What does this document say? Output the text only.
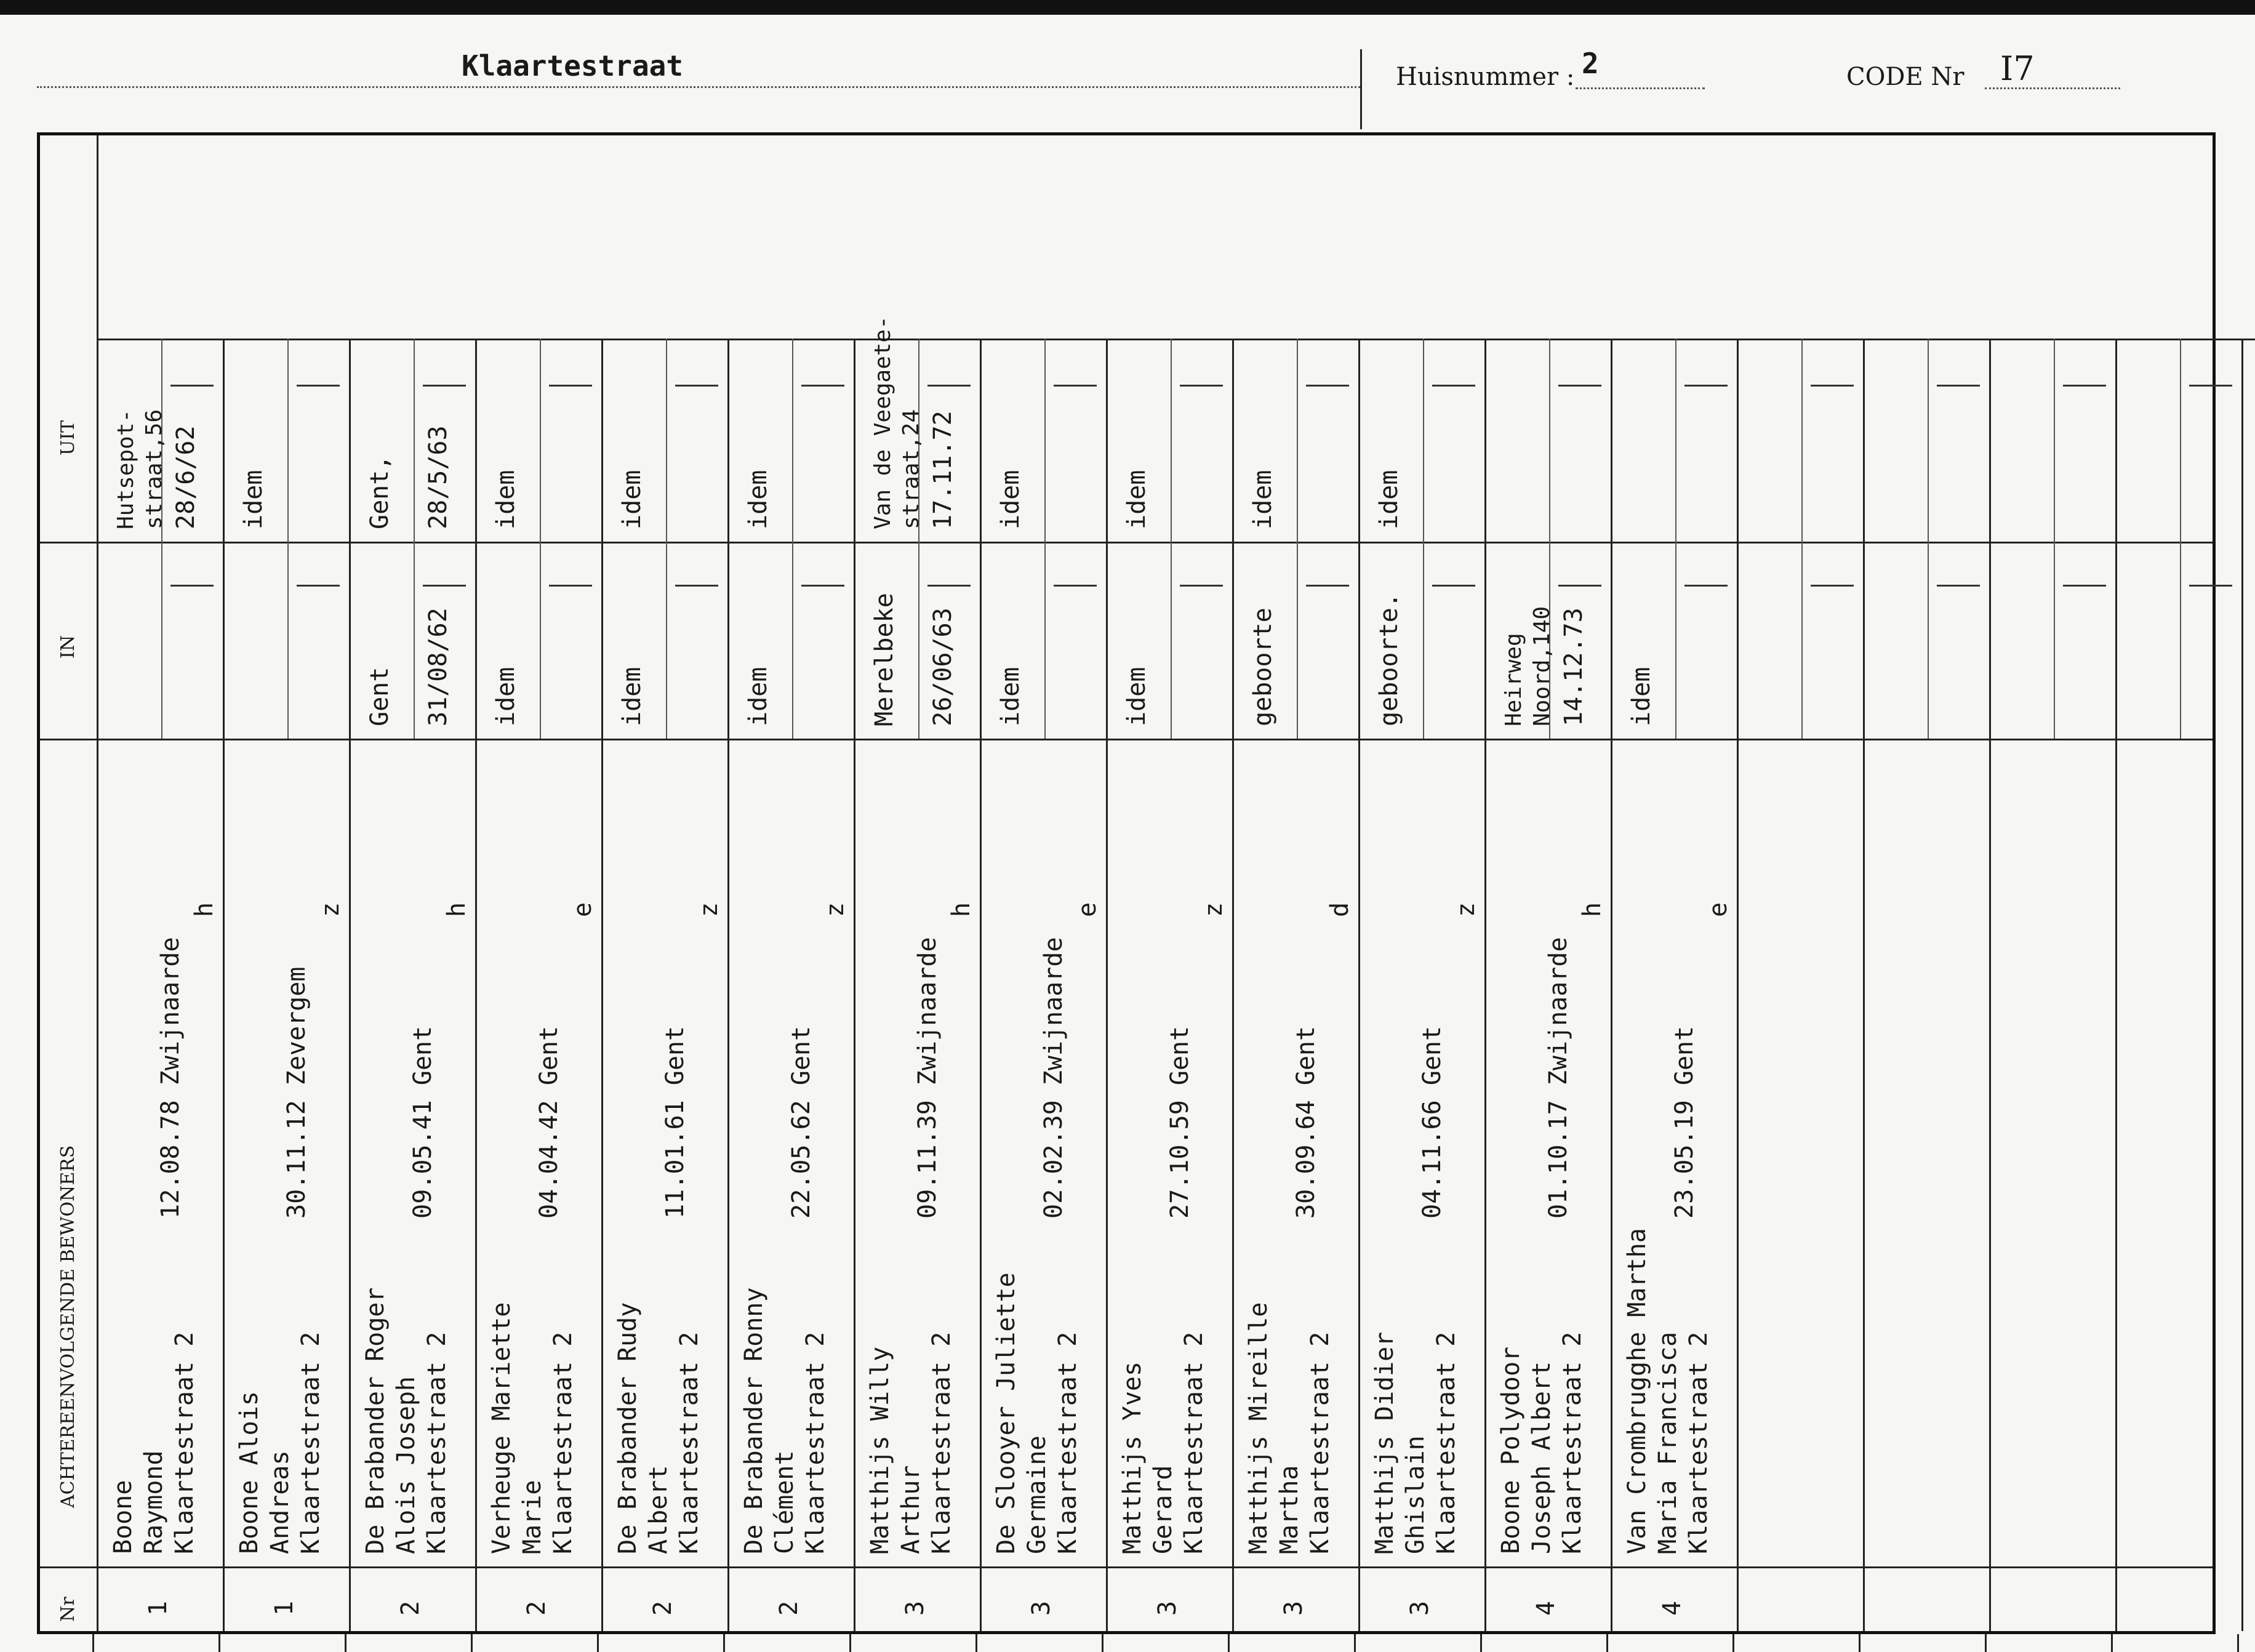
Klaartestraat	Huisnummer : 2	CODE Nr I7
UIT
IN
ACHTEREENVOLGENDE BEWONERS
Nr
Boone
Raymond
Klaartestraat 2
12.08.78 Zwijnaarde
h
1
Hutsepot-
straat,56 28/6/62
Boone Alois
Andreas
Klaartestraat 2
30.11.12 Zevergem
z
1
idem
De Brabander Roger
Alois Joseph
Klaartestraat 2
09.05.41 Gent
h
2
Gent 31/08/62
Gent, 28/5/63
Verheuge Mariette
Marie
Klaartestraat 2
04.04.42 Gent
e
2
idem
idem
De Brabander Rudy
Albert
Klaartestraat 2
11.01.61 Gent
z
2
idem
idem
De Brabander Ronny
Clément
Klaartestraat 2
22.05.62 Gent
z
2
idem
idem
Matthijs Willy
Arthur
Klaartestraat 2
09.11.39 Zwijnaarde
h
3
Merelbeke 26/06/63
Van de Veegaete-
straat,24 17.11.72
De Slooyer Juliette
Germaine
Klaartestraat 2
02.02.39 Zwijnaarde
e
3
idem
idem
Matthijs Yves
Gerard
Klaartestraat 2
27.10.59 Gent
z
3
idem
idem
Matthijs Mireille
Martha
Klaartestraat 2
30.09.64 Gent
d
3
geboorte
idem
Matthijs Didier
Ghislain
Klaartestraat 2
04.11.66 Gent
z
3
geboorte.
idem
Boone Polydoor
Joseph Albert
Klaartestraat 2
01.10.17 Zwijnaarde
h
4
Heirweg
Noord,140 14.12.73
Van Crombrugghe Martha
Maria Francisca
Klaartestraat 2
23.05.19 Gent
e
4
idem
